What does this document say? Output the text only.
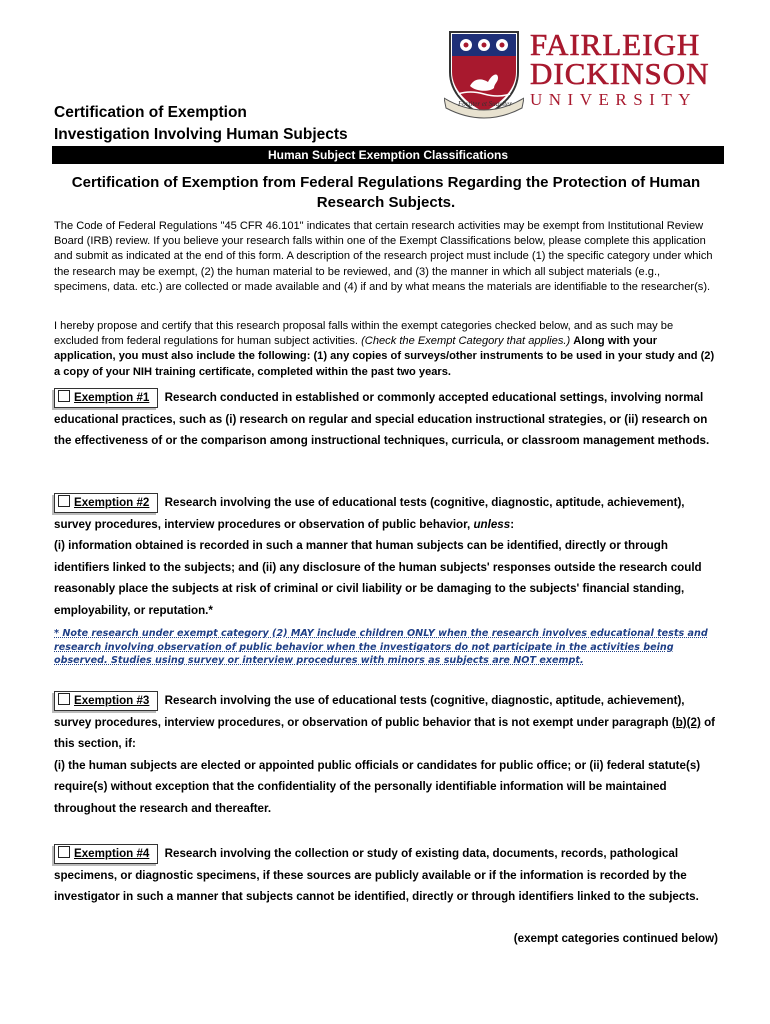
Fortiter et Suaviter
FAIRLEIGH
DICKINSON
UNIVERSITY
Certification of Exemption
Investigation Involving Human Subjects
Human Subject Exemption Classifications
Certification of Exemption from Federal Regulations Regarding the Protection of Human Research Subjects.
The Code of Federal Regulations "45 CFR 46.101" indicates that certain research activities may be exempt from Institutional Review Board (IRB) review. If you believe your research falls within one of the Exempt Classifications below, please complete this application and submit as indicated at the end of this form. A description of the research project must include (1) the specific category under which the research may be exempt, (2) the human material to be reviewed, and (3) the manner in which all subject materials (e.g., specimens, data. etc.) are collected or made available and (4) if and by what means the materials are identifiable to the researcher(s).
I hereby propose and certify that this research proposal falls within the exempt categories checked below, and as such may be excluded from federal regulations for human subject activities. (Check the Exempt Category that applies.) Along with your application, you must also include the following: (1) any copies of surveys/other instruments to be used in your study and (2) a copy of your NIH training certificate, completed within the past two years.
Exemption #1 Research conducted in established or commonly accepted educational settings, involving normal educational practices, such as (i) research on regular and special education instructional strategies, or (ii) research on the effectiveness of or the comparison among instructional techniques, curricula, or classroom management methods.
Exemption #2 Research involving the use of educational tests (cognitive, diagnostic, aptitude, achievement), survey procedures, interview procedures or observation of public behavior, unless:
(i) information obtained is recorded in such a manner that human subjects can be identified, directly or through identifiers linked to the subjects; and (ii) any disclosure of the human subjects' responses outside the research could reasonably place the subjects at risk of criminal or civil liability or be damaging to the subjects' financial standing, employability, or reputation.*
* Note research under exempt category (2) MAY include children ONLY when the research involves educational tests and research involving observation of public behavior when the investigators do not participate in the activities being observed. Studies using survey or interview procedures with minors as subjects are NOT exempt.
Exemption #3 Research involving the use of educational tests (cognitive, diagnostic, aptitude, achievement), survey procedures, interview procedures, or observation of public behavior that is not exempt under paragraph (b)(2) of this section, if:
(i) the human subjects are elected or appointed public officials or candidates for public office; or (ii) federal statute(s) require(s) without exception that the confidentiality of the personally identifiable information will be maintained throughout the research and thereafter.
Exemption #4 Research involving the collection or study of existing data, documents, records, pathological specimens, or diagnostic specimens, if these sources are publicly available or if the information is recorded by the investigator in such a manner that subjects cannot be identified, directly or through identifiers linked to the subjects.
(exempt categories continued below)
